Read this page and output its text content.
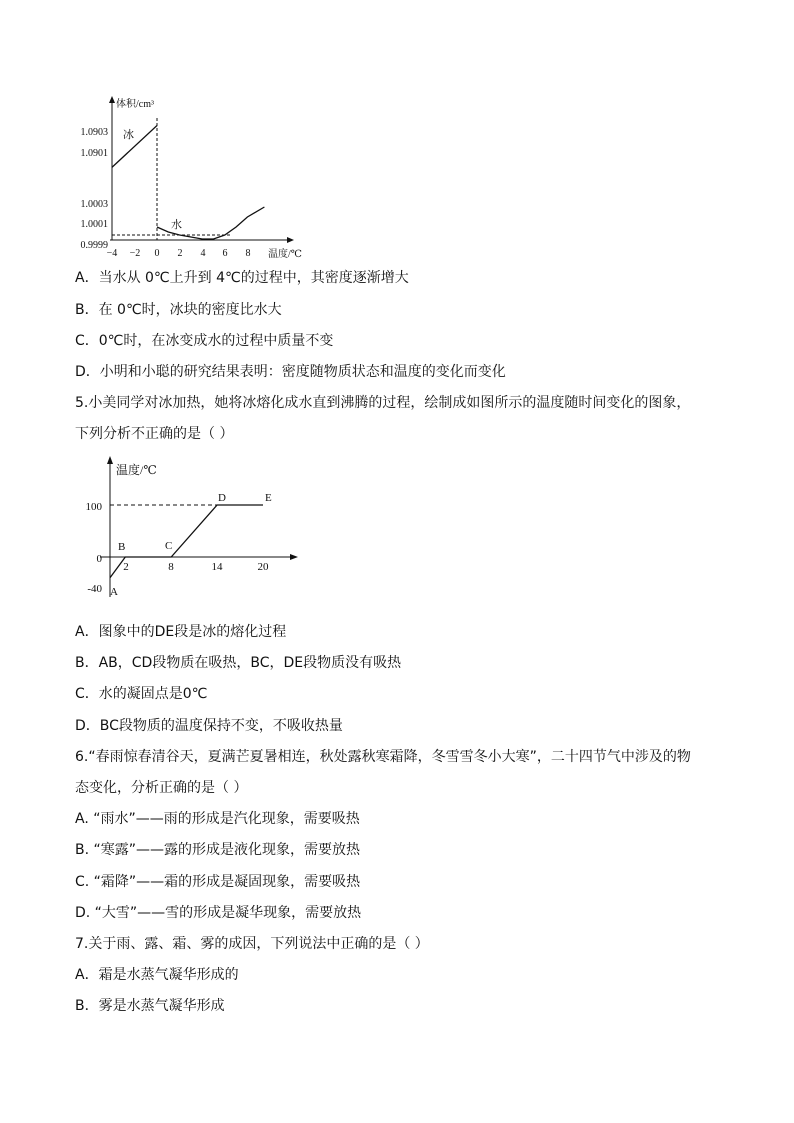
体积/cm³
温度/℃
冰
水
1.0903
1.0901
1.0003
1.0001
0.9999
−4 −2 0 2 4 6 8
A．当水从 0℃上升到 4℃的过程中，其密度逐渐增大
B．在 0℃时，冰块的密度比水大
C．0℃时，在冰变成水的过程中质量不变
D．小明和小聪的研究结果表明：密度随物质状态和温度的变化而变化
5.小美同学对冰加热，她将冰熔化成水直到沸腾的过程，绘制成如图所示的温度随时间变化的图象，
下列分析不正确的是（ ）
温度/℃
100
0
-40
2	8	14	20
A
B	C
D	E
A．图象中的DE段是冰的熔化过程
B．AB，CD段物质在吸热，BC，DE段物质没有吸热
C．水的凝固点是0℃
D．BC段物质的温度保持不变，不吸收热量
6.“春雨惊春清谷天，夏满芒夏暑相连，秋处露秋寒霜降，冬雪雪冬小大寒”，二十四节气中涉及的物
态变化，分析正确的是（ ）
A. “雨水”——雨的形成是汽化现象，需要吸热
B. “寒露”——露的形成是液化现象，需要放热
C. “霜降”——霜的形成是凝固现象，需要吸热
D. “大雪”——雪的形成是凝华现象，需要放热
7.关于雨、露、霜、雾的成因，下列说法中正确的是（ ）
A．霜是水蒸气凝华形成的
B．雾是水蒸气凝华形成
